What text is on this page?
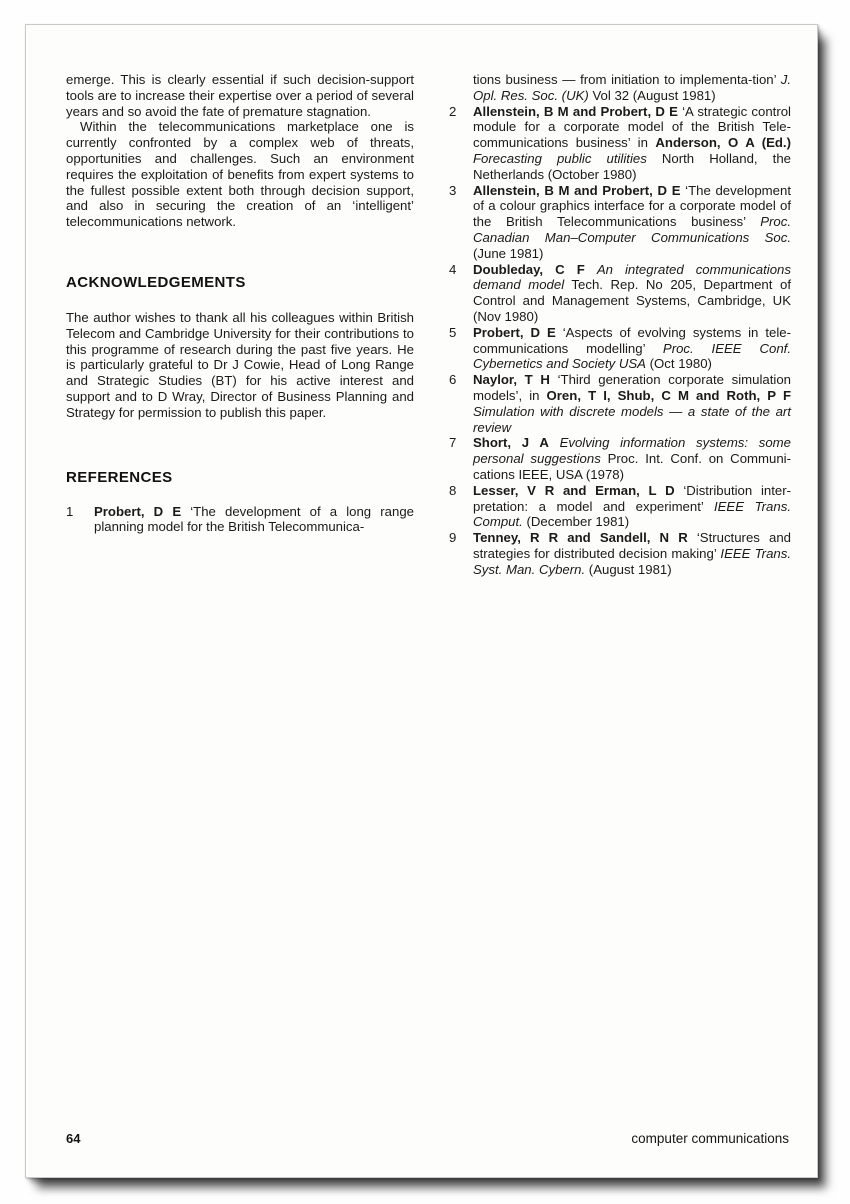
emerge. This is clearly essential if such decision-support tools are to increase their expertise over a period of several years and so avoid the fate of premature stagnation.

Within the telecommunications marketplace one is currently confronted by a complex web of threats, opportunities and challenges. Such an environment requires the exploitation of benefits from expert systems to the fullest possible extent both through decision support, and also in securing the creation of an ‘intelligent’ telecommunications network.

ACKNOWLEDGEMENTS

The author wishes to thank all his colleagues within British Telecom and Cambridge University for their contributions to this programme of research during the past five years. He is particularly grateful to Dr J Cowie, Head of Long Range and Strategic Studies (BT) for his active interest and support and to D Wray, Director of Business Planning and Strategy for permission to publish this paper.

REFERENCES
1 Probert, D E ‘The development of a long range planning model for the British Telecommunica-
tions business — from initiation to implementa-tion’ J. Opl. Res. Soc. (UK) Vol 32 (August 1981)
2 Allenstein, B M and Probert, D E ‘A strategic control module for a corporate model of the British Tele-communications business’ in Anderson, O A (Ed.) Forecasting public utilities North Holland, the Netherlands (October 1980)
3 Allenstein, B M and Probert, D E ‘The development of a colour graphics interface for a corporate model of the British Telecommunications business’ Proc. Canadian Man–Computer Communications Soc. (June 1981)
4 Doubleday, C F An integrated communications demand model Tech. Rep. No 205, Department of Control and Management Systems, Cambridge, UK (Nov 1980)
5 Probert, D E ‘Aspects of evolving systems in tele-communications modelling’ Proc. IEEE Conf. Cybernetics and Society USA (Oct 1980)
6 Naylor, T H ‘Third generation corporate simulation models’, in Oren, T I, Shub, C M and Roth, P F Simulation with discrete models — a state of the art review
7 Short, J A Evolving information systems: some personal suggestions Proc. Int. Conf. on Communi-cations IEEE, USA (1978)
8 Lesser, V R and Erman, L D ‘Distribution inter-pretation: a model and experiment’ IEEE Trans. Comput. (December 1981)
9 Tenney, R R and Sandell, N R ‘Structures and strategies for distributed decision making’ IEEE Trans. Syst. Man. Cybern. (August 1981)
64	computer communications
